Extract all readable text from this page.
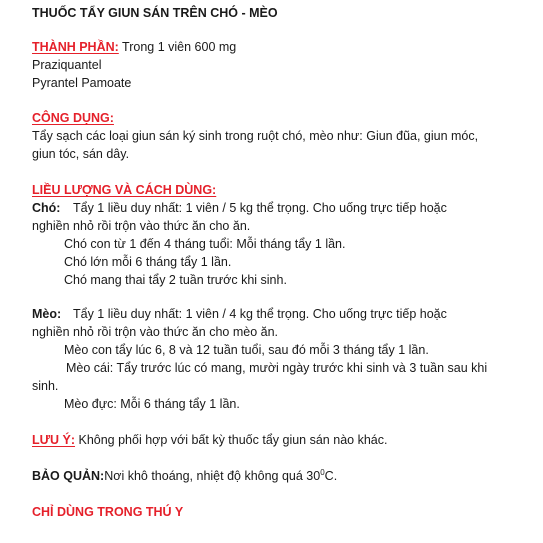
THUỐC TẨY GIUN SÁN TRÊN CHÓ - MÈO
THÀNH PHẦN: Trong 1 viên 600 mg
Praziquantel
Pyrantel Pamoate
CÔNG DỤNG:
Tẩy sạch các loại giun sán ký sinh trong ruột chó, mèo như: Giun đũa, giun móc,
giun tóc, sán dây.
LIỀU LƯỢNG VÀ CÁCH DÙNG:
Chó: Tẩy 1 liều duy nhất: 1 viên / 5 kg thể trọng. Cho uống trực tiếp hoặc
nghiền nhỏ rồi trộn vào thức ăn cho ăn.
Chó con từ 1 đến 4 tháng tuổi: Mỗi tháng tẩy 1 lần.
Chó lớn mỗi 6 tháng tẩy 1 lần.
Chó mang thai tẩy 2 tuần trước khi sinh.
Mèo: Tẩy 1 liều duy nhất: 1 viên / 4 kg thể trọng. Cho uống trực tiếp hoặc
nghiền nhỏ rồi trộn vào thức ăn cho mèo ăn.
Mèo con tẩy lúc 6, 8 và 12 tuần tuổi, sau đó mỗi 3 tháng tẩy 1 lần.
Mèo cái: Tẩy trước lúc có mang, mười ngày trước khi sinh và 3 tuần sau khi
sinh.
Mèo đực: Mỗi 6 tháng tẩy 1 lần.
LƯU Ý: Không phối hợp với bất kỳ thuốc tẩy giun sán nào khác.
BẢO QUẢN:Nơi khô thoáng, nhiệt độ không quá $30^0C$.
CHỈ DÙNG TRONG THÚ Y
